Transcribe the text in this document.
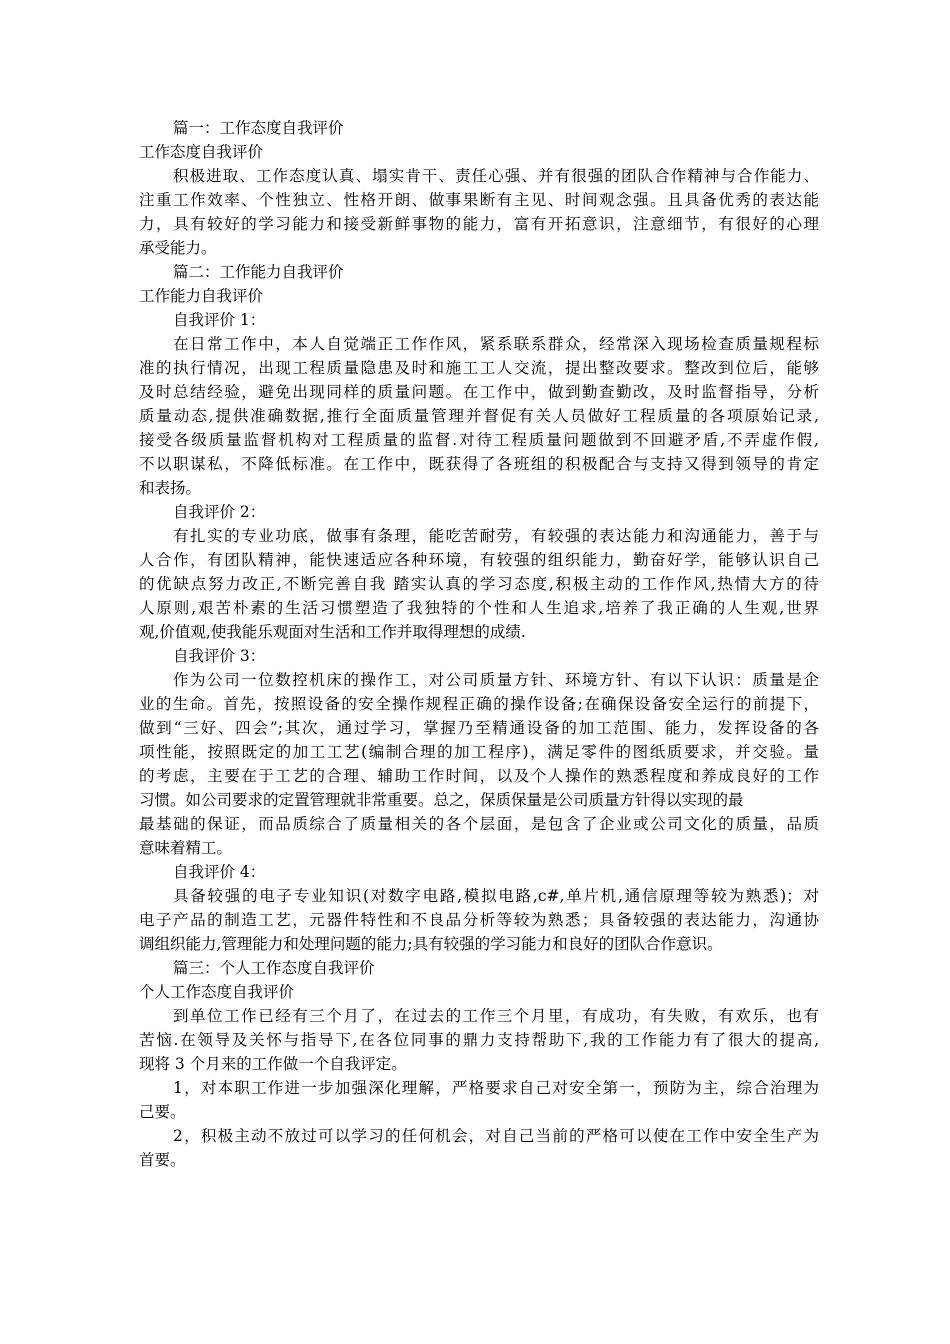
篇一：工作态度自我评价
工作态度自我评价
积极进取、工作态度认真、塌实肯干、责任心强、并有很强的团队合作精神与合作能力、
注重工作效率、个性独立、性格开朗、做事果断有主见、时间观念强。且具备优秀的表达能
力，具有较好的学习能力和接受新鲜事物的能力，富有开拓意识，注意细节，有很好的心理
承受能力。
篇二：工作能力自我评价
工作能力自我评价
自我评价 1：
在日常工作中，本人自觉端正工作作风，紧系联系群众，经常深入现场检查质量规程标
准的执行情况，出现工程质量隐患及时和施工工人交流，提出整改要求。整改到位后，能够
及时总结经验，避免出现同样的质量问题。在工作中，做到勤查勤改，及时监督指导，分析
质量动态,提供准确数据,推行全面质量管理并督促有关人员做好工程质量的各项原始记录,
接受各级质量监督机构对工程质量的监督.对待工程质量问题做到不回避矛盾,不弄虚作假,
不以职谋私，不降低标准。在工作中，既获得了各班组的积极配合与支持又得到领导的肯定
和表扬。
自我评价 2：
有扎实的专业功底，做事有条理，能吃苦耐劳，有较强的表达能力和沟通能力，善于与
人合作，有团队精神，能快速适应各种环境，有较强的组织能力，勤奋好学，能够认识自己
的优缺点努力改正,不断完善自我 踏实认真的学习态度,积极主动的工作作风,热情大方的待
人原则,艰苦朴素的生活习惯塑造了我独特的个性和人生追求,培养了我正确的人生观,世界
观,价值观,使我能乐观面对生活和工作并取得理想的成绩.
自我评价 3：
作为公司一位数控机床的操作工，对公司质量方针、环境方针、有以下认识：质量是企
业的生命。首先，按照设备的安全操作规程正确的操作设备;在确保设备安全运行的前提下，
做到“三好、四会”;其次，通过学习，掌握乃至精通设备的加工范围、能力，发挥设备的各
项性能，按照既定的加工工艺(编制合理的加工程序)，满足零件的图纸质要求，并交验。量
的考虑，主要在于工艺的合理、辅助工作时间，以及个人操作的熟悉程度和养成良好的工作
习惯。如公司要求的定置管理就非常重要。总之，保质保量是公司质量方针得以实现的最
最基础的保证，而品质综合了质量相关的各个层面，是包含了企业或公司文化的质量，品质
意味着精工。
自我评价 4：
具备较强的电子专业知识(对数字电路,模拟电路,c#,单片机,通信原理等较为熟悉)；对
电子产品的制造工艺，元器件特性和不良品分析等较为熟悉；具备较强的表达能力，沟通协
调组织能力,管理能力和处理问题的能力;具有较强的学习能力和良好的团队合作意识。
篇三：个人工作态度自我评价
个人工作态度自我评价
到单位工作已经有三个月了，在过去的工作三个月里，有成功，有失败，有欢乐，也有
苦恼.在领导及关怀与指导下,在各位同事的鼎力支持帮助下,我的工作能力有了很大的提高,
现将 3 个月来的工作做一个自我评定。
1，对本职工作进一步加强深化理解，严格要求自己对安全第一，预防为主，综合治理为
己要。
2，积极主动不放过可以学习的任何机会，对自己当前的严格可以使在工作中安全生产为
首要。
